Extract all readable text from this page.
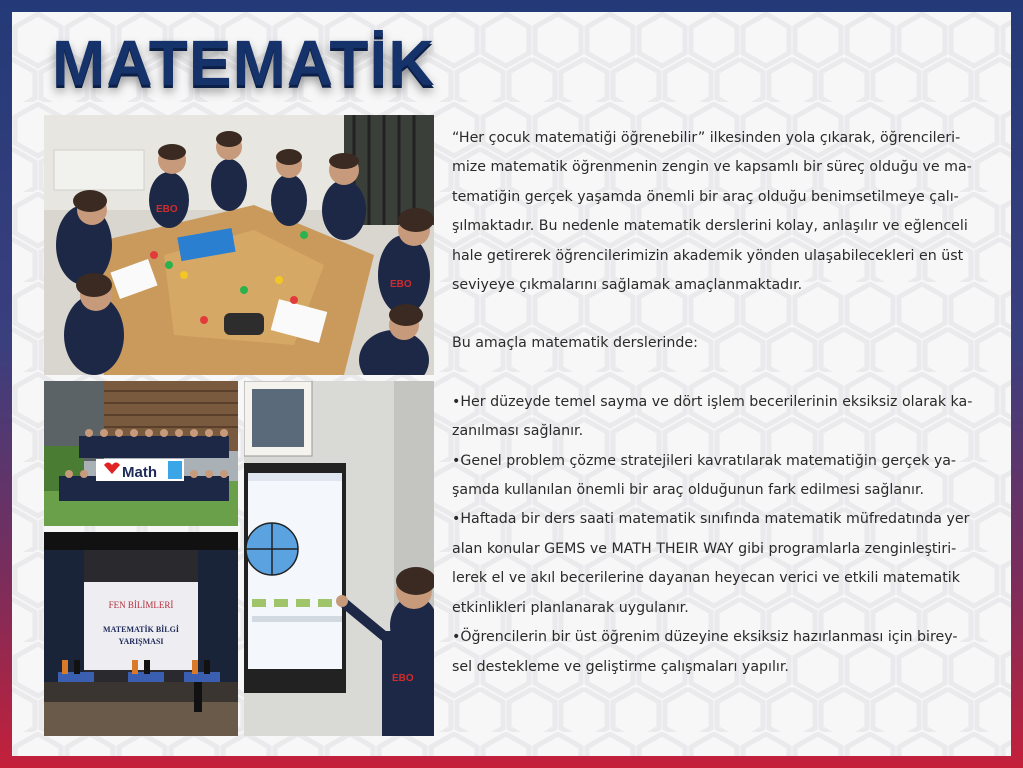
MATEMATİK
EBO
EBO
Math
FEN BİLİMLERİ
MATEMATİK BİLGİ
YARIŞMASI
EBO

“Her çocuk matematiği öğrenebilir” ilkesinden yola çıkarak, öğrencileri-

mize matematik öğrenmenin zengin ve kapsamlı bir süreç olduğu ve ma-

tematiğin gerçek yaşamda önemli bir araç olduğu benimsetilmeye çalı-

şılmaktadır. Bu nedenle matematik derslerini kolay, anlaşılır ve eğlenceli

hale getirerek öğrencilerimizin akademik yönden ulaşabilecekleri en üst

seviyeye çıkmalarını sağlamak amaçlanmaktadır.

Bu amaçla matematik derslerinde:

•Her düzeyde temel sayma ve dört işlem becerilerinin eksiksiz olarak ka-

zanılması sağlanır.

•Genel problem çözme stratejileri kavratılarak matematiğin gerçek ya-

şamda kullanılan önemli bir araç olduğunun fark edilmesi sağlanır.

•Haftada bir ders saati matematik sınıfında matematik müfredatında yer

alan konular GEMS ve MATH THEIR WAY gibi programlarla zenginleştiri-

lerek el ve akıl becerilerine dayanan heyecan verici ve etkili matematik

etkinlikleri planlanarak uygulanır.

•Öğrencilerin bir üst öğrenim düzeyine eksiksiz hazırlanması için birey-

sel destekleme ve geliştirme çalışmaları yapılır.
